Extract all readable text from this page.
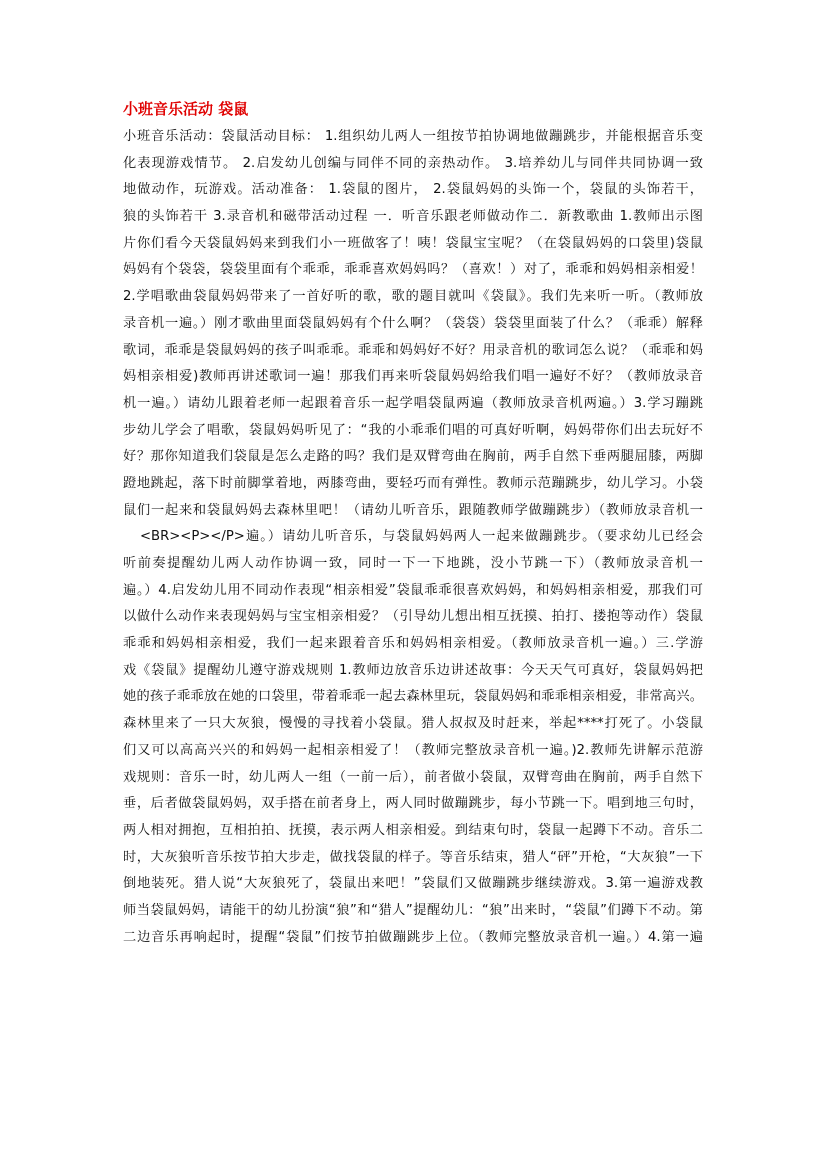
小班音乐活动 袋鼠
小班音乐活动：袋鼠活动目标： 1.组织幼儿两人一组按节拍协调地做蹦跳步，并能根据音乐变
化表现游戏情节。 2.启发幼儿创编与同伴不同的亲热动作。 3.培养幼儿与同伴共同协调一致
地做动作，玩游戏。活动准备： 1.袋鼠的图片， 2.袋鼠妈妈的头饰一个，袋鼠的头饰若干，
狼的头饰若干 3.录音机和磁带活动过程 一．听音乐跟老师做动作二．新教歌曲 1.教师出示图
片你们看今天袋鼠妈妈来到我们小一班做客了！咦！袋鼠宝宝呢？（在袋鼠妈妈的口袋里)袋鼠
妈妈有个袋袋，袋袋里面有个乖乖，乖乖喜欢妈妈吗？（喜欢！）对了，乖乖和妈妈相亲相爱！
2.学唱歌曲袋鼠妈妈带来了一首好听的歌，歌的题目就叫《袋鼠》。我们先来听一听。（教师放
录音机一遍。）刚才歌曲里面袋鼠妈妈有个什么啊？（袋袋）袋袋里面装了什么？（乖乖）解释
歌词，乖乖是袋鼠妈妈的孩子叫乖乖。乖乖和妈妈好不好？用录音机的歌词怎么说？（乖乖和妈
妈相亲相爱)教师再讲述歌词一遍！那我们再来听袋鼠妈妈给我们唱一遍好不好？（教师放录音
机一遍。）请幼儿跟着老师一起跟着音乐一起学唱袋鼠两遍（教师放录音机两遍。）3.学习蹦跳
步幼儿学会了唱歌，袋鼠妈妈听见了：“我的小乖乖们唱的可真好听啊，妈妈带你们出去玩好不
好？那你知道我们袋鼠是怎么走路的吗？我们是双臂弯曲在胸前，两手自然下垂两腿屈膝，两脚
蹬地跳起，落下时前脚掌着地，两膝弯曲，要轻巧而有弹性。教师示范蹦跳步，幼儿学习。小袋
鼠们一起来和袋鼠妈妈去森林里吧！（请幼儿听音乐，跟随教师学做蹦跳步）（教师放录音机一
<BR><P></P>遍。）请幼儿听音乐，与袋鼠妈妈两人一起来做蹦跳步。（要求幼儿已经会
听前奏提醒幼儿两人动作协调一致，同时一下一下地跳，没小节跳一下）（教师放录音机一
遍。）4.启发幼儿用不同动作表现“相亲相爱”袋鼠乖乖很喜欢妈妈，和妈妈相亲相爱，那我们可
以做什么动作来表现妈妈与宝宝相亲相爱？（引导幼儿想出相互抚摸、拍打、搂抱等动作）袋鼠
乖乖和妈妈相亲相爱，我们一起来跟着音乐和妈妈相亲相爱。（教师放录音机一遍。）三.学游
戏《袋鼠》提醒幼儿遵守游戏规则 1.教师边放音乐边讲述故事：今天天气可真好，袋鼠妈妈把
她的孩子乖乖放在她的口袋里，带着乖乖一起去森林里玩，袋鼠妈妈和乖乖相亲相爱，非常高兴。
森林里来了一只大灰狼，慢慢的寻找着小袋鼠。猎人叔叔及时赶来，举起****打死了。小袋鼠
们又可以高高兴兴的和妈妈一起相亲相爱了！（教师完整放录音机一遍。)2.教师先讲解示范游
戏规则：音乐一时，幼儿两人一组（一前一后），前者做小袋鼠，双臂弯曲在胸前，两手自然下
垂，后者做袋鼠妈妈，双手搭在前者身上，两人同时做蹦跳步，每小节跳一下。唱到地三句时，
两人相对拥抱，互相拍拍、抚摸，表示两人相亲相爱。到结束句时，袋鼠一起蹲下不动。音乐二
时，大灰狼听音乐按节拍大步走，做找袋鼠的样子。等音乐结束，猎人“砰”开枪，“大灰狼”一下
倒地装死。猎人说“大灰狼死了，袋鼠出来吧！”袋鼠们又做蹦跳步继续游戏。3.第一遍游戏教
师当袋鼠妈妈，请能干的幼儿扮演“狼”和“猎人”提醒幼儿：“狼”出来时，“袋鼠”们蹲下不动。第
二边音乐再响起时，提醒“袋鼠”们按节拍做蹦跳步上位。（教师完整放录音机一遍。）4.第一遍
